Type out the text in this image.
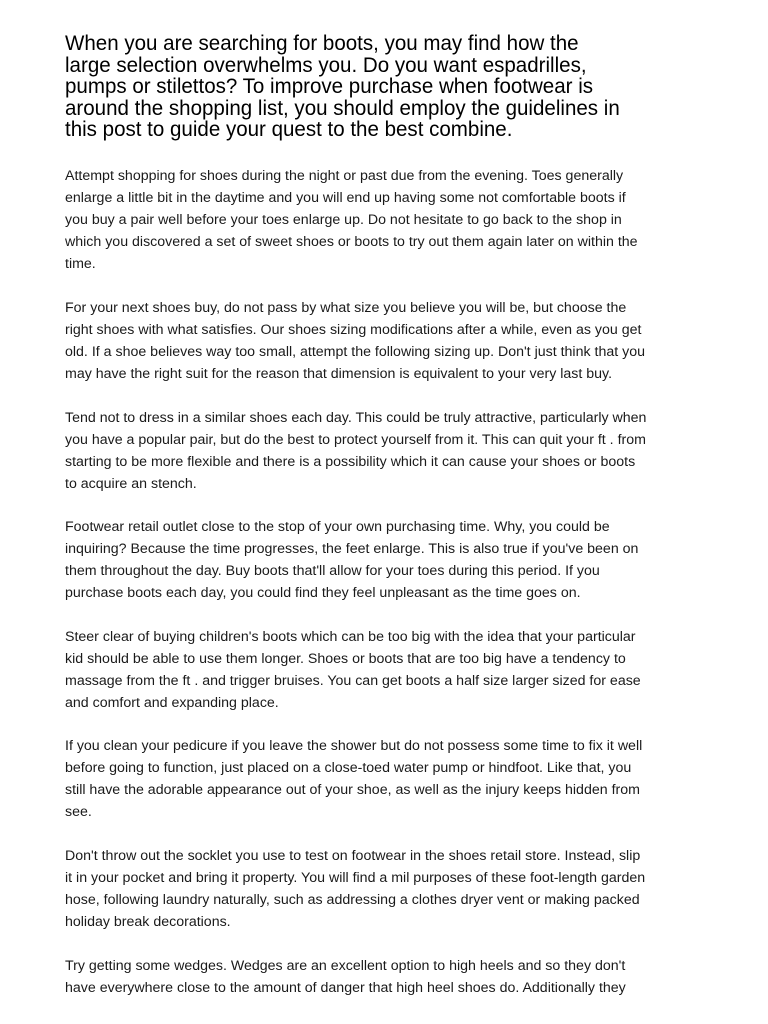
When you are searching for boots, you may find how the
large selection overwhelms you. Do you want espadrilles,
pumps or stilettos? To improve purchase when footwear is
around the shopping list, you should employ the guidelines in
this post to guide your quest to the best combine.

Attempt shopping for shoes during the night or past due from the evening. Toes generally
enlarge a little bit in the daytime and you will end up having some not comfortable boots if
you buy a pair well before your toes enlarge up. Do not hesitate to go back to the shop in
which you discovered a set of sweet shoes or boots to try out them again later on within the
time.

For your next shoes buy, do not pass by what size you believe you will be, but choose the
right shoes with what satisfies. Our shoes sizing modifications after a while, even as you get
old. If a shoe believes way too small, attempt the following sizing up. Don't just think that you
may have the right suit for the reason that dimension is equivalent to your very last buy.

Tend not to dress in a similar shoes each day. This could be truly attractive, particularly when
you have a popular pair, but do the best to protect yourself from it. This can quit your ft . from
starting to be more flexible and there is a possibility which it can cause your shoes or boots
to acquire an stench.

Footwear retail outlet close to the stop of your own purchasing time. Why, you could be
inquiring? Because the time progresses, the feet enlarge. This is also true if you've been on
them throughout the day. Buy boots that'll allow for your toes during this period. If you
purchase boots each day, you could find they feel unpleasant as the time goes on.

Steer clear of buying children's boots which can be too big with the idea that your particular
kid should be able to use them longer. Shoes or boots that are too big have a tendency to
massage from the ft . and trigger bruises. You can get boots a half size larger sized for ease
and comfort and expanding place.

If you clean your pedicure if you leave the shower but do not possess some time to fix it well
before going to function, just placed on a close-toed water pump or hindfoot. Like that, you
still have the adorable appearance out of your shoe, as well as the injury keeps hidden from
see.

Don't throw out the socklet you use to test on footwear in the shoes retail store. Instead, slip
it in your pocket and bring it property. You will find a mil purposes of these foot-length garden
hose, following laundry naturally, such as addressing a clothes dryer vent or making packed
holiday break decorations.

Try getting some wedges. Wedges are an excellent option to high heels and so they don't
have everywhere close to the amount of danger that high heel shoes do. Additionally they
